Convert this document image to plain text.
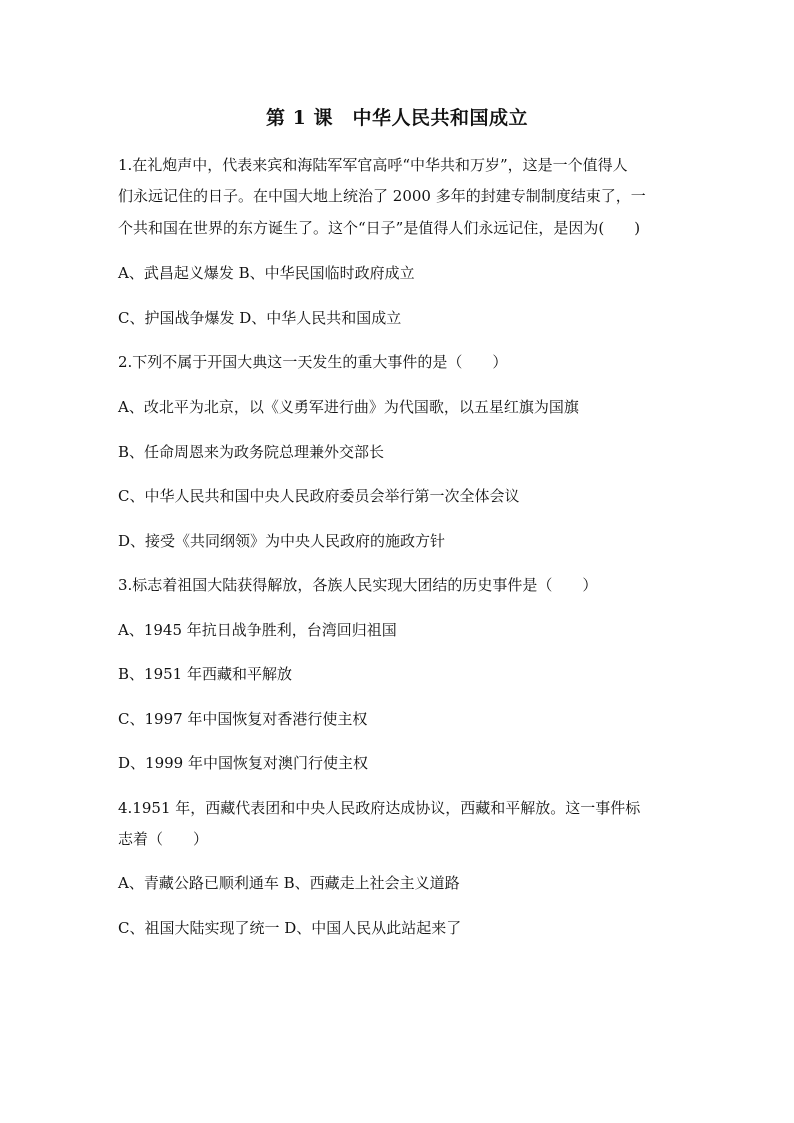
第 1 课　中华人民共和国成立
1.在礼炮声中，代表来宾和海陆军军官高呼“中华共和万岁”，这是一个值得人
们永远记住的日子。在中国大地上统治了 2000 多年的封建专制制度结束了，一
个共和国在世界的东方诞生了。这个“日子”是值得人们永远记住，是因为(　　)
A、武昌起义爆发 B、中华民国临时政府成立
C、护国战争爆发 D、中华人民共和国成立
2.下列不属于开国大典这一天发生的重大事件的是（　　）
A、改北平为北京，以《义勇军进行曲》为代国歌，以五星红旗为国旗
B、任命周恩来为政务院总理兼外交部长
C、中华人民共和国中央人民政府委员会举行第一次全体会议
D、接受《共同纲领》为中央人民政府的施政方针
3.标志着祖国大陆获得解放，各族人民实现大团结的历史事件是（　　）
A、1945 年抗日战争胜利，台湾回归祖国
B、1951 年西藏和平解放
C、1997 年中国恢复对香港行使主权
D、1999 年中国恢复对澳门行使主权
4.1951 年，西藏代表团和中央人民政府达成协议，西藏和平解放。这一事件标
志着（　　）
A、青藏公路已顺利通车 B、西藏走上社会主义道路
C、祖国大陆实现了统一 D、中国人民从此站起来了
